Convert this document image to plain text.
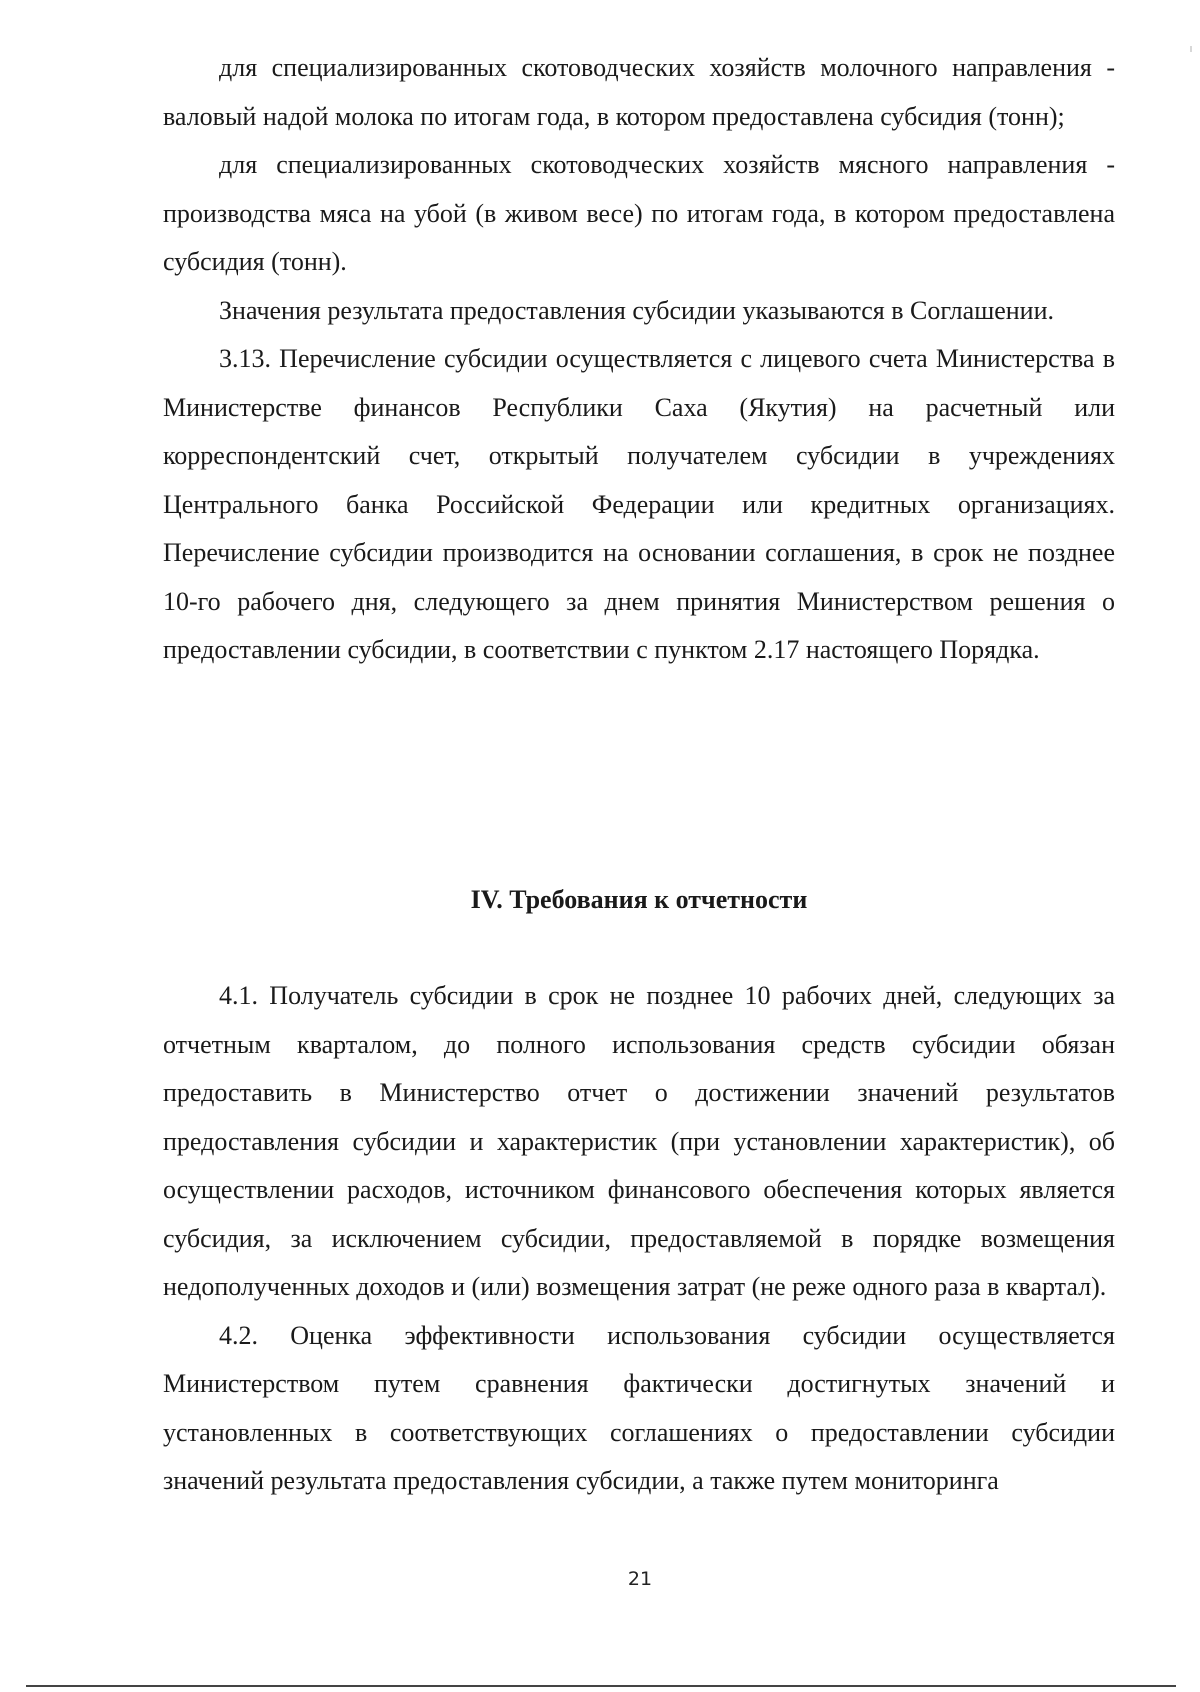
для специализированных скотоводческих хозяйств молочного направления - валовый надой молока по итогам года, в котором предоставлена субсидия (тонн);

для специализированных скотоводческих хозяйств мясного направления - производства мяса на убой (в живом весе) по итогам года, в котором предоставлена субсидия (тонн).

Значения результата предоставления субсидии указываются в Соглашении.

3.13. Перечисление субсидии осуществляется с лицевого счета Министерства в Министерстве финансов Республики Саха (Якутия) на расчетный или корреспондентский счет, открытый получателем субсидии в учреждениях Центрального банка Российской Федерации или кредитных организациях. Перечисление субсидии производится на основании соглашения, в срок не позднее 10-го рабочего дня, следующего за днем принятия Министерством решения о предоставлении субсидии, в соответствии с пунктом 2.17 настоящего Порядка.

IV. Требования к отчетности

4.1. Получатель субсидии в срок не позднее 10 рабочих дней, следующих за отчетным кварталом, до полного использования средств субсидии обязан предоставить в Министерство отчет о достижении значений результатов предоставления субсидии и характеристик (при установлении характеристик), об осуществлении расходов, источником финансового обеспечения которых является субсидия, за исключением субсидии, предоставляемой в порядке возмещения недополученных доходов и (или) возмещения затрат (не реже одного раза в квартал).

4.2. Оценка эффективности использования субсидии осуществляется Министерством путем сравнения фактически достигнутых значений и установленных в соответствующих соглашениях о предоставлении субсидии значений результата предоставления субсидии, а также путем мониторинга

21
